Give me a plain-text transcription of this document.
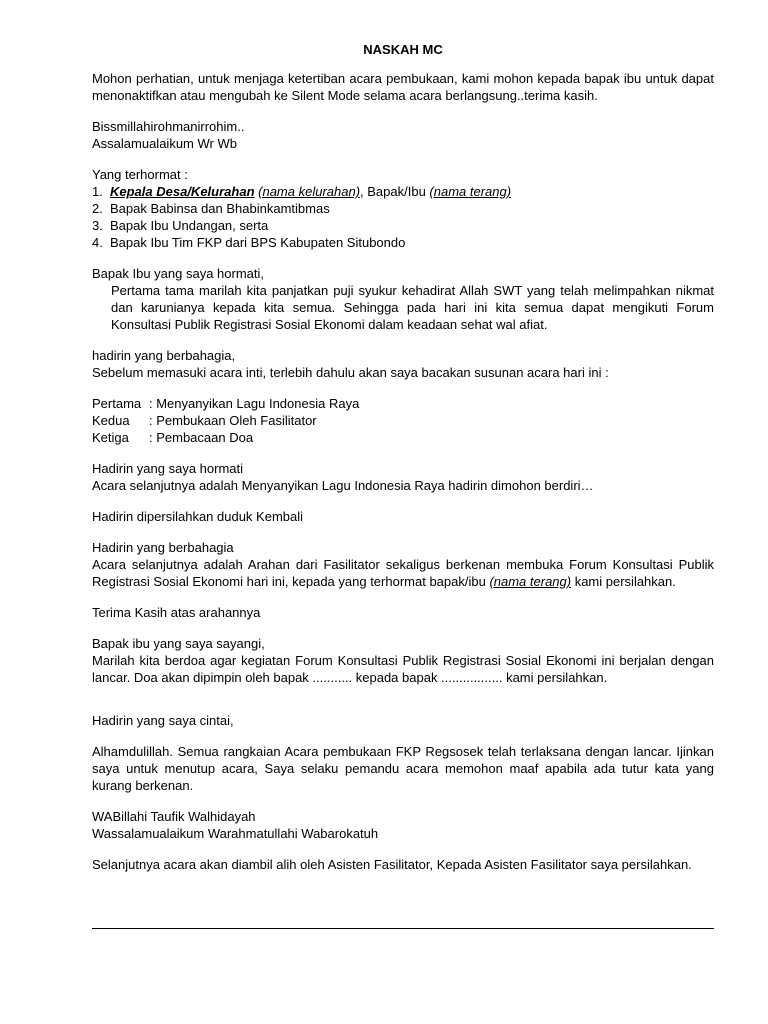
NASKAH MC

Mohon perhatian, untuk menjaga ketertiban acara pembukaan, kami mohon kepada bapak ibu untuk dapat menonaktifkan atau mengubah ke Silent Mode selama acara berlangsung..terima kasih.

Bissmillahirohmanirrohim..

Assalamualaikum Wr Wb

Yang terhormat :

1. Kepala Desa/Kelurahan (nama kelurahan), Bapak/Ibu (nama terang)
2. Bapak Babinsa dan Bhabinkamtibmas
3. Bapak Ibu Undangan, serta
4. Bapak Ibu Tim FKP dari BPS Kabupaten Situbondo

Bapak Ibu yang saya hormati,

Pertama tama marilah kita panjatkan puji syukur kehadirat Allah SWT yang telah melimpahkan nikmat dan karunianya kepada kita semua. Sehingga pada hari ini kita semua dapat mengikuti Forum Konsultasi Publik Registrasi Sosial Ekonomi dalam keadaan sehat wal afiat.

hadirin yang berbahagia,

Sebelum memasuki acara inti, terlebih dahulu akan saya bacakan susunan acara hari ini :

Pertama : Menyanyikan Lagu Indonesia Raya
Kedua	: Pembukaan Oleh Fasilitator
Ketiga	: Pembacaan Doa

Hadirin yang saya hormati

Acara selanjutnya adalah Menyanyikan Lagu Indonesia Raya hadirin dimohon berdiri…

Hadirin dipersilahkan duduk Kembali

Hadirin yang berbahagia

Acara selanjutnya adalah Arahan dari Fasilitator sekaligus berkenan membuka Forum Konsultasi Publik Registrasi Sosial Ekonomi hari ini, kepada yang terhormat bapak/ibu (nama terang) kami persilahkan.

Terima Kasih atas arahannya

Bapak ibu yang saya sayangi,

Marilah kita berdoa agar kegiatan Forum Konsultasi Publik Registrasi Sosial Ekonomi ini berjalan dengan lancar. Doa akan dipimpin oleh bapak ........... kepada bapak ................. kami persilahkan.

Hadirin yang saya cintai,

Alhamdulillah. Semua rangkaian Acara pembukaan FKP Regsosek telah terlaksana dengan lancar. Ijinkan saya untuk menutup acara, Saya selaku pemandu acara memohon maaf apabila ada tutur kata yang kurang berkenan.

WABillahi Taufik Walhidayah

Wassalamualaikum Warahmatullahi Wabarokatuh

Selanjutnya acara akan diambil alih oleh Asisten Fasilitator, Kepada Asisten Fasilitator saya persilahkan.
